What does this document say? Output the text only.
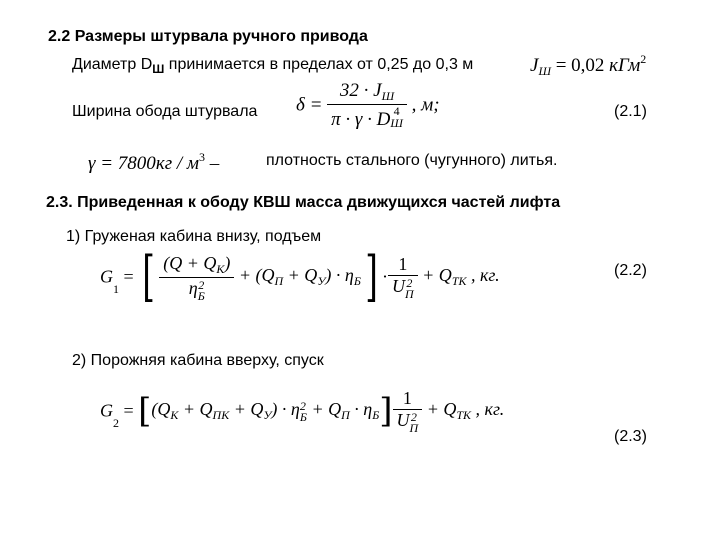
2.2 Размеры штурвала ручного привода
Диаметр $D_Ш$ принимается в пределах от 0,25 до 0,3 м	$J_Ш = 0,02$ кГм$^2$
Ширина обода штурвала $\delta = 32 \cdot J_Ш$
π · γ · D 4
Ш , м;	(2.1)
$\gamma = 7800кг / м^3$ –	плотность стального (чугунного) литья.
2.3. Приведенная к ободу КВШ масса движущихся частей лифта
1) Груженая кабина внизу, подъем
$G_1$ = [ $(Q + Q_К)$
η 2
$Б + (Q_П + Q_У) \cdot \eta_Б] \cdot 1$
U 2
$П + Q_{ТК}$ , кг.	(2.2)
2) Порожняя кабина вверху, спуск
$G_2 = [(Q_К + Q_{ПК} + Q_У) \cdot \eta$ 2
$Б + Q_П \cdot \eta_Б$] 1
U 2
$П + Q_{ТК}$ , кг.
(2.3)
